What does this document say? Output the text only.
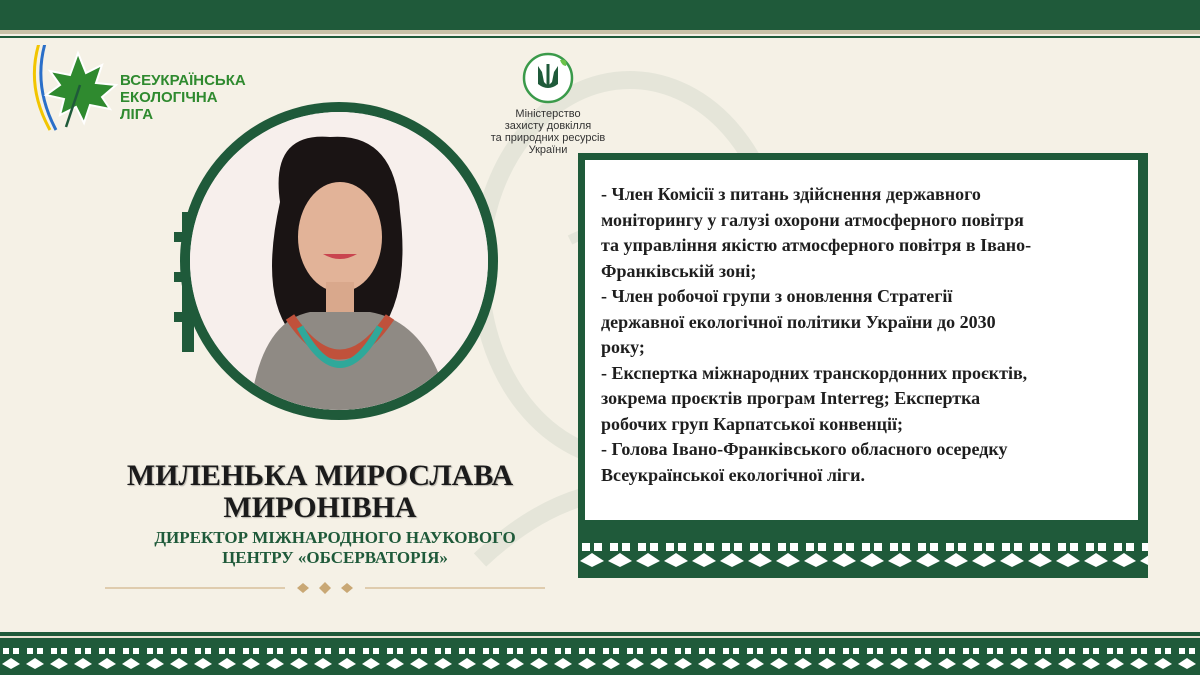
ВСЕУКРАЇНСЬКА
ЕКОЛОГІЧНА
ЛІГА	Міністерство
захисту довкілля
та природних ресурсів
України
МИЛЕНЬКА МИРОСЛАВА
МИРОНІВНА
ДИРЕКТОР МІЖНАРОДНОГО НАУКОВОГО
ЦЕНТРУ «ОБСЕРВАТОРІЯ»

- Член Комісії з питань здійснення державного

моніторингу у галузі охорони атмосферного повітря

та управління якістю атмосферного повітря в Івано-

Франківській зоні;

- Член робочої групи з оновлення Стратегії

державної екологічної політики України до 2030

року;

- Експертка міжнародних транскордонних проєктів,

зокрема проєктів програм Interreg; Експертка

робочих груп Карпатської конвенції;

- Голова Івано-Франківського обласного осередку

Всеукраїнської екологічної ліги.
